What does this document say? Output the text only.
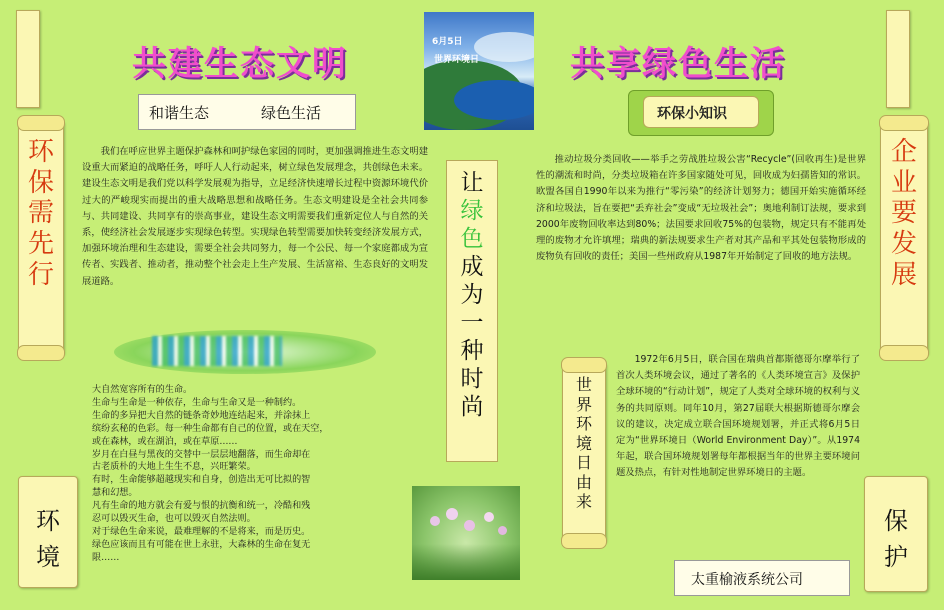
环保需先行
企业要发展
环境
保护
共建生态文明	共享绿色生活
6月5日
世界环境日
和谐生态	绿色生活	环保小知识

我们在呼应世界主题保护森林和呵护绿色家园的同时，更加强调推进生态文明建设重大而紧迫的战略任务，呼吁人人行动起来，树立绿色发展理念，共创绿色未来。建设生态文明是我们党以科学发展观为指导，立足经济快速增长过程中资源环境代价过大的严峻现实而提出的重大战略思想和战略任务。生态文明建设是全社会共同参与、共同建设、共同享有的崇高事业，建设生态文明需要我们重新定位人与自然的关系，使经济社会发展逐步实现绿色转型。实现绿色转型需要加快转变经济发展方式，加强环境治理和生态建设，需要全社会共同努力，每一个公民、每一个家庭都成为宣传者、实践者、推动者，推动整个社会走上生产发展、生活富裕、生态良好的文明发展道路。

大自然宽容所有的生命。
生命与生命是一种依存，生命与生命又是一种制约。
生命的多异把大自然的链条奇妙地连结起来，并涂抹上
缤纷玄秘的色彩。每一种生命都有自己的位置，或在天空，
或在森林，或在湖泊，或在草原……
岁月在白昼与黑夜的交替中一层层地翻落，而生命却在
古老质朴的大地上生生不息，兴旺繁荣。
有时，生命能够超越现实和自身，创造出无可比拟的智
慧和幻想。
凡有生命的地方就会有爱与恨的抗衡和统一，冷酷和残
忍可以毁灭生命，也可以毁灭自然法则。
对于绿色生命来说，最难理解的不是将来，而是历史。
绿色应该而且有可能在世上永驻，大森林的生命在复无
限……
让绿色成为一种时尚

推动垃圾分类回收——举手之劳战胜垃圾公害“Recycle”(回收再生)是世界性的潮流和时尚，分类垃圾箱在许多国家随处可见，回收成为妇孺皆知的常识。欧盟各国自1990年以来为推行“零污染”的经济计划努力；德国开始实施循环经济和垃圾法，旨在要把“丢弃社会”变成“无垃圾社会”；奥地利制订法规，要求到2000年废物回收率达到80%；法国要求回收75%的包装物，规定只有不能再处理的废物才允许填埋；瑞典的新法规要求生产者对其产品和平其处包装物形成的废物负有回收的责任；美国一些州政府从1987年开始制定了回收的地方法规。

世界环境日由来

1972年6月5日，联合国在瑞典首都斯德哥尔摩举行了首次人类环境会议，通过了著名的《人类环境宣言》及保护全球环境的“行动计划”，规定了人类对全球环境的权利与义务的共同原则。同年10月，第27届联大根据斯德哥尔摩会议的建议，决定成立联合国环境规划署，并正式将6月5日定为“世界环境日（World Environment Day）”。从1974年起，联合国环境规划署每年都根据当年的世界主要环境问题及热点，有针对性地制定世界环境日的主题。

太重榆液系统公司
